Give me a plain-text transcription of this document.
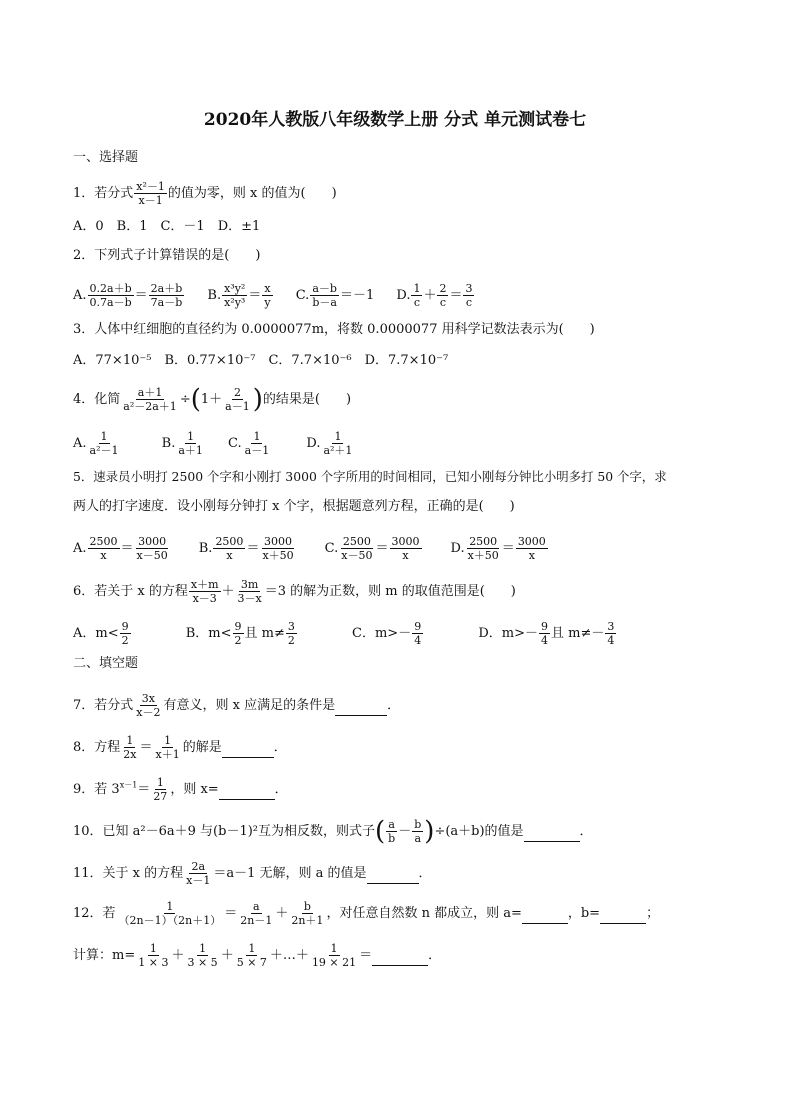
2020年人教版八年级数学上册 分式 单元测试卷七
一、选择题
1．若分式 $\frac{\text{x²－1}}{x-1}$ 的值为零，则 x 的值为(　　)
A．0　B．1　C．－1　D．±1
2．下列式子计算错误的是(　　)
A. $\frac{0.2a+b}{0.7a-b} = \frac{2a+b}{7a-b} B$. $\frac{\text{x³y²}}{\text{x²y³}} = \frac{x}{y} C$. $\frac{a-b}{b-a} =-1$ D. $\frac{1}{c} + \frac{2}{c} = \frac{3}{c}$
3．人体中红细胞的直径约为 0.0000077m，将数 0.0000077 用科学记数法表示为(　　)
A．77×10⁻⁵　B．0.77×10⁻⁷　C．7.7×10⁻⁶　D．7.7×10⁻⁷
4．化简 $\frac{a+1}{\text{a²－2a＋1}} \div(1+ \frac{2}{a-1}$ )的结果是(　　)
A. $\frac{1}{\text{a²－1}}$	B. $\frac{1}{a+1} C$. $\frac{1}{a-1}$	D. $\frac{1}{\text{a²＋1}}$
5．速录员小明打 2500 个字和小刚打 3000 个字所用的时间相同，已知小刚每分钟比小明多打 50 个字，求
两人的打字速度．设小刚每分钟打 x 个字，根据题意列方程，正确的是(　　)
A. $\frac{2500}{x} = \frac{3000}{x-50} B$. $\frac{2500}{x} = \frac{3000}{x+50} C$. $\frac{2500}{x-50} = \frac{3000}{x} D$. $\frac{2500}{x+50} = \frac{3000}{x}$
6．若关于 x 的方程 $\frac{x+m}{x-3} + \frac{3m}{3-x} =3$ 的解为正数，则 m 的取值范围是(　　)
A．$m< \frac{9}{2}$	B．$m< \frac{9}{2}$ 且 $m\ne \frac{3}{2}$	C．$m>- \frac{9}{4}$	D．$m>- \frac{9}{4}$ 且 $m\ne- \frac{3}{4}$
二、填空题
7．若分式 $\frac{3x}{x-2}$ 有意义，则 x 应满足的条件是	．
8．方程 $\frac{1}{2x} = \frac{1}{x+1}$ 的解是	．
9．若 $3^{x-1}= \frac{1}{27}$ ，则 x=	．
10．已知 a²－6a＋9 与(b－1)²互为相反数，则式子( $\frac{a}{b} - \frac{b}{a} )\div(a+b)$的值是	．
11．关于 x 的方程 $\frac{2a}{x-1} =a-1$ 无解，则 a 的值是	．
12．若 $\frac{1}{(2n-1)(2n+1)} = \frac{a}{2n-1} + \frac{b}{2n+1}$ ，对任意自然数 n 都成立，则 a=	，b=	；
计算：$m= \frac{1}{1 \times 3} + \frac{1}{3 \times 5} + \frac{1}{5 \times 7}$ ＋…＋ $\frac{1}{19 \times 21}$ ＝	．
